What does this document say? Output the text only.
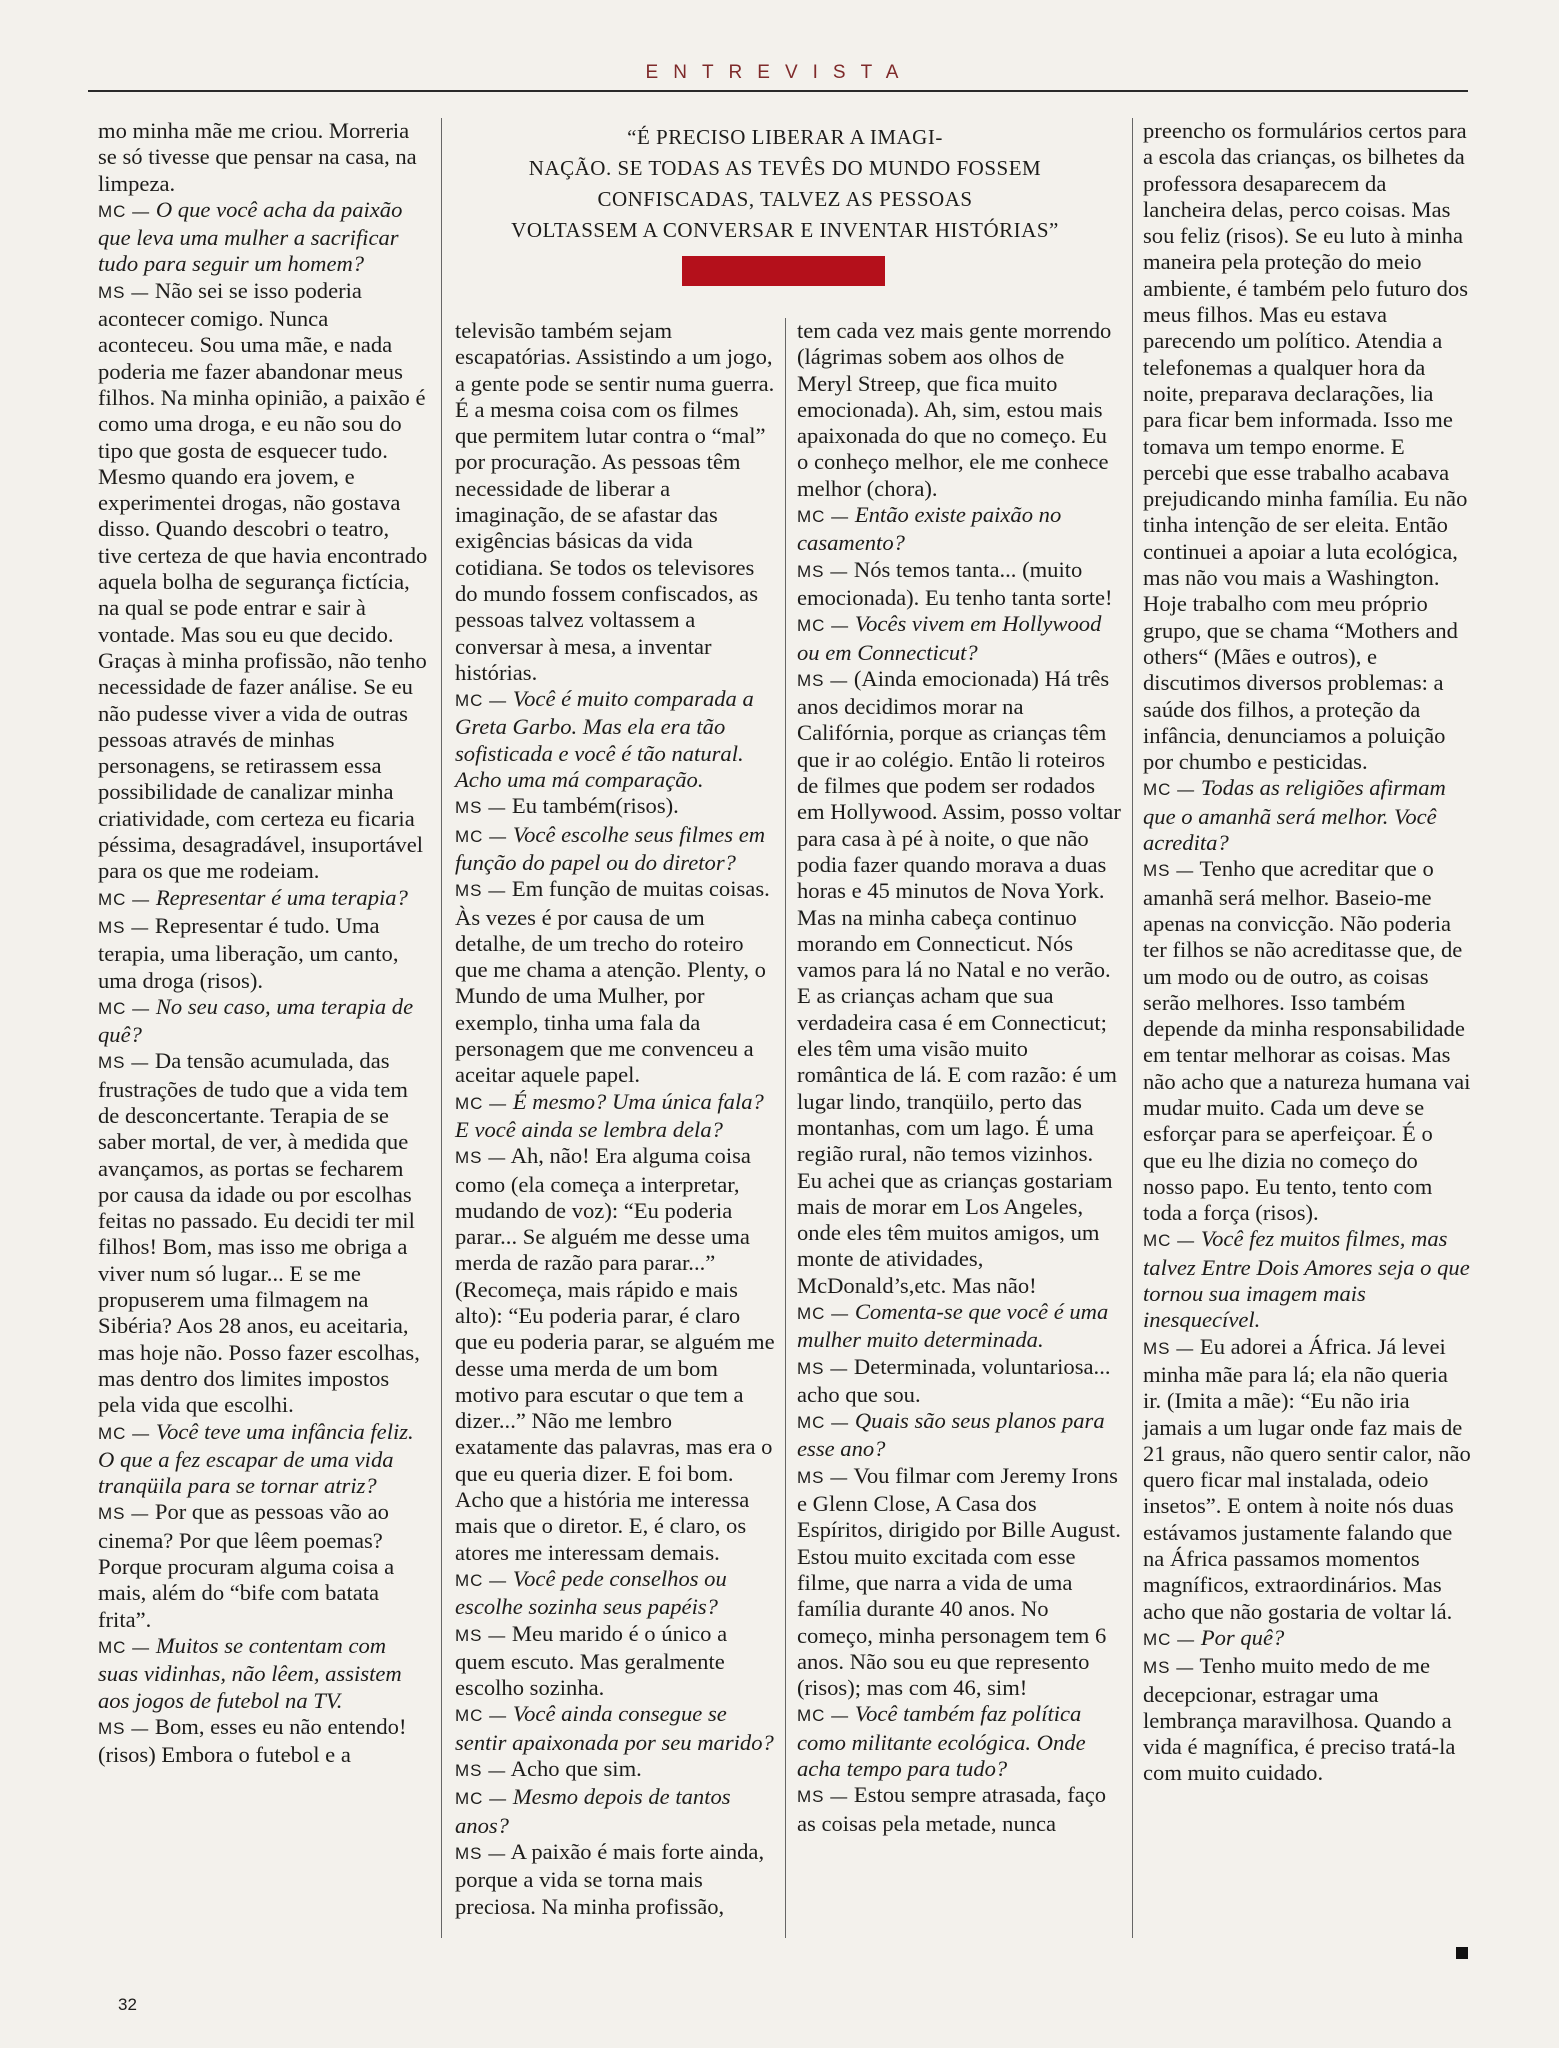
ENTREVISTA

“É PRECISO LIBERAR A IMAGI-

NAÇÃO. SE TODAS AS TEVÊS DO MUNDO FOSSEM

CONFISCADAS, TALVEZ AS PESSOAS

VOLTASSEM A CONVERSAR E INVENTAR HISTÓRIAS”

mo minha mãe me criou. Morreria se só tivesse que pensar na casa, na limpeza.

MC — O que você acha da paixão que leva uma mulher a sacrificar tudo para seguir um homem?

MS — Não sei se isso poderia acontecer comigo. Nunca aconteceu. Sou uma mãe, e nada poderia me fazer abandonar meus filhos. Na minha opinião, a paixão é como uma droga, e eu não sou do tipo que gosta de esquecer tudo. Mesmo quando era jovem, e experimentei drogas, não gostava disso. Quando descobri o teatro, tive certeza de que havia encontrado aquela bolha de segurança fictícia, na qual se pode entrar e sair à vontade. Mas sou eu que decido. Graças à minha profissão, não tenho necessidade de fazer análise. Se eu não pudesse viver a vida de outras pessoas através de minhas personagens, se retirassem essa possibilidade de canalizar minha criatividade, com certeza eu ficaria péssima, desagradável, insuportável para os que me rodeiam.

MC — Representar é uma terapia?

MS — Representar é tudo. Uma terapia, uma liberação, um canto, uma droga (risos).

MC — No seu caso, uma terapia de quê?

MS — Da tensão acumulada, das frustrações de tudo que a vida tem de desconcertante. Terapia de se saber mortal, de ver, à medida que avançamos, as portas se fecharem por causa da idade ou por escolhas feitas no passado. Eu decidi ter mil filhos! Bom, mas isso me obriga a viver num só lugar... E se me propuserem uma filmagem na Sibéria? Aos 28 anos, eu aceitaria, mas hoje não. Posso fazer escolhas, mas dentro dos limites impostos pela vida que escolhi.

MC — Você teve uma infância feliz. O que a fez escapar de uma vida tranqüila para se tornar atriz?

MS — Por que as pessoas vão ao cinema? Por que lêem poemas? Porque procuram alguma coisa a mais, além do “bife com batata frita”.

MC — Muitos se contentam com suas vidinhas, não lêem, assistem aos jogos de futebol na TV.

MS — Bom, esses eu não entendo! (risos) Embora o futebol e a

televisão também sejam escapatórias. Assistindo a um jogo, a gente pode se sentir numa guerra. É a mesma coisa com os filmes que permitem lutar contra o “mal” por procuração. As pessoas têm necessidade de liberar a imaginação, de se afastar das exigências básicas da vida cotidiana. Se todos os televisores do mundo fossem confiscados, as pessoas talvez voltassem a conversar à mesa, a inventar histórias.

MC — Você é muito comparada a Greta Garbo. Mas ela era tão sofisticada e você é tão natural. Acho uma má comparação.

MS — Eu também(risos).

MC — Você escolhe seus filmes em função do papel ou do diretor?

MS — Em função de muitas coisas. Às vezes é por causa de um detalhe, de um trecho do roteiro que me chama a atenção. Plenty, o Mundo de uma Mulher, por exemplo, tinha uma fala da personagem que me convenceu a aceitar aquele papel.

MC — É mesmo? Uma única fala? E você ainda se lembra dela?

MS — Ah, não! Era alguma coisa como (ela começa a interpretar, mudando de voz): “Eu poderia parar... Se alguém me desse uma merda de razão para parar...” (Recomeça, mais rápido e mais alto): “Eu poderia parar, é claro que eu poderia parar, se alguém me desse uma merda de um bom motivo para escutar o que tem a dizer...” Não me lembro exatamente das palavras, mas era o que eu queria dizer. E foi bom. Acho que a história me interessa mais que o diretor. E, é claro, os atores me interessam demais.

MC — Você pede conselhos ou escolhe sozinha seus papéis?

MS — Meu marido é o único a quem escuto. Mas geralmente escolho sozinha.

MC — Você ainda consegue se sentir apaixonada por seu marido?

MS — Acho que sim.

MC — Mesmo depois de tantos anos?

MS — A paixão é mais forte ainda, porque a vida se torna mais preciosa. Na minha profissão,

tem cada vez mais gente morrendo (lágrimas sobem aos olhos de Meryl Streep, que fica muito emocionada). Ah, sim, estou mais apaixonada do que no começo. Eu o conheço melhor, ele me conhece melhor (chora).

MC — Então existe paixão no casamento?

MS — Nós temos tanta... (muito emocionada). Eu tenho tanta sorte!

MC — Vocês vivem em Hollywood ou em Connecticut?

MS — (Ainda emocionada) Há três anos decidimos morar na Califórnia, porque as crianças têm que ir ao colégio. Então li roteiros de filmes que podem ser rodados em Hollywood. Assim, posso voltar para casa à pé à noite, o que não podia fazer quando morava a duas horas e 45 minutos de Nova York. Mas na minha cabeça continuo morando em Connecticut. Nós vamos para lá no Natal e no verão. E as crianças acham que sua verdadeira casa é em Connecticut; eles têm uma visão muito romântica de lá. E com razão: é um lugar lindo, tranqüilo, perto das montanhas, com um lago. É uma região rural, não temos vizinhos. Eu achei que as crianças gostariam mais de morar em Los Angeles, onde eles têm muitos amigos, um monte de atividades, McDonald’s,etc. Mas não!

MC — Comenta-se que você é uma mulher muito determinada.

MS — Determinada, voluntariosa... acho que sou.

MC — Quais são seus planos para esse ano?

MS — Vou filmar com Jeremy Irons e Glenn Close, A Casa dos Espíritos, dirigido por Bille August. Estou muito excitada com esse filme, que narra a vida de uma família durante 40 anos. No começo, minha personagem tem 6 anos. Não sou eu que represento (risos); mas com 46, sim!

MC — Você também faz política como militante ecológica. Onde acha tempo para tudo?

MS — Estou sempre atrasada, faço as coisas pela metade, nunca

preencho os formulários certos para a escola das crianças, os bilhetes da professora desaparecem da lancheira delas, perco coisas. Mas sou feliz (risos). Se eu luto à minha maneira pela proteção do meio ambiente, é também pelo futuro dos meus filhos. Mas eu estava parecendo um político. Atendia a telefonemas a qualquer hora da noite, preparava declarações, lia para ficar bem informada. Isso me tomava um tempo enorme. E percebi que esse trabalho acabava prejudicando minha família. Eu não tinha intenção de ser eleita. Então continuei a apoiar a luta ecológica, mas não vou mais a Washington. Hoje trabalho com meu próprio grupo, que se chama “Mothers and others“ (Mães e outros), e discutimos diversos problemas: a saúde dos filhos, a proteção da infância, denunciamos a poluição por chumbo e pesticidas.

MC — Todas as religiões afirmam que o amanhã será melhor. Você acredita?

MS — Tenho que acreditar que o amanhã será melhor. Baseio-me apenas na convicção. Não poderia ter filhos se não acreditasse que, de um modo ou de outro, as coisas serão melhores. Isso também depende da minha responsabilidade em tentar melhorar as coisas. Mas não acho que a natureza humana vai mudar muito. Cada um deve se esforçar para se aperfeiçoar. É o que eu lhe dizia no começo do nosso papo. Eu tento, tento com toda a força (risos).

MC — Você fez muitos filmes, mas talvez Entre Dois Amores seja o que tornou sua imagem mais inesquecível.

MS — Eu adorei a África. Já levei minha mãe para lá; ela não queria ir. (Imita a mãe): “Eu não iria jamais a um lugar onde faz mais de 21 graus, não quero sentir calor, não quero ficar mal instalada, odeio insetos”. E ontem à noite nós duas estávamos justamente falando que na África passamos momentos magníficos, extraordinários. Mas acho que não gostaria de voltar lá.

MC — Por quê?

MS — Tenho muito medo de me decepcionar, estragar uma lembrança maravilhosa. Quando a vida é magnífica, é preciso tratá-la com muito cuidado.

32
